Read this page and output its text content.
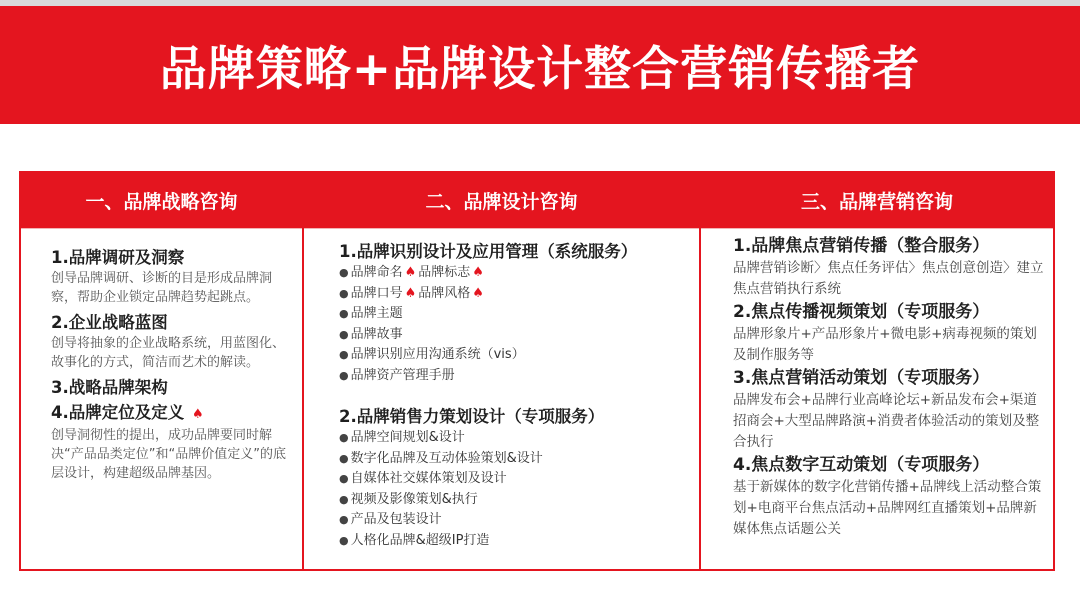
品牌策略+品牌设计整合营销传播者
一、品牌战略咨询
1.品牌调研及洞察
创导品牌调研、诊断的目是形成品牌洞察，帮助企业锁定品牌趋势起跳点。
2.企业战略蓝图
创导将抽象的企业战略系统，用蓝图化、故事化的方式，简洁而艺术的解读。
3.战略品牌架构
4.品牌定位及定义 ♠
创导洞彻性的提出，成功品牌要同时解决“产品品类定位”和“品牌价值定义”的底层设计，构建超级品牌基因。
二、品牌设计咨询
1.品牌识别设计及应用管理（系统服务）
● 品牌命名 ♠ 品牌标志 ♠
● 品牌口号 ♠ 品牌风格 ♠
● 品牌主题
● 品牌故事
● 品牌识别应用沟通系统（vis）
● 品牌资产管理手册
2.品牌销售力策划设计（专项服务）
● 品牌空间规划&设计
● 数字化品牌及互动体验策划&设计
● 自媒体社交媒体策划及设计
● 视频及影像策划&执行
● 产品及包装设计
● 人格化品牌&超级IP打造
三、品牌营销咨询
1.品牌焦点营销传播（整合服务）
品牌营销诊断〉焦点任务评估〉焦点创意创造〉建立焦点营销执行系统
2.焦点传播视频策划（专项服务）
品牌形象片+产品形象片+微电影+病毒视频的策划及制作服务等
3.焦点营销活动策划（专项服务）
品牌发布会+品牌行业高峰论坛+新品发布会+渠道招商会+大型品牌路演+消费者体验活动的策划及整合执行
4.焦点数字互动策划（专项服务）
基于新媒体的数字化营销传播+品牌线上活动整合策划+电商平台焦点活动+品牌网红直播策划+品牌新媒体焦点话题公关
